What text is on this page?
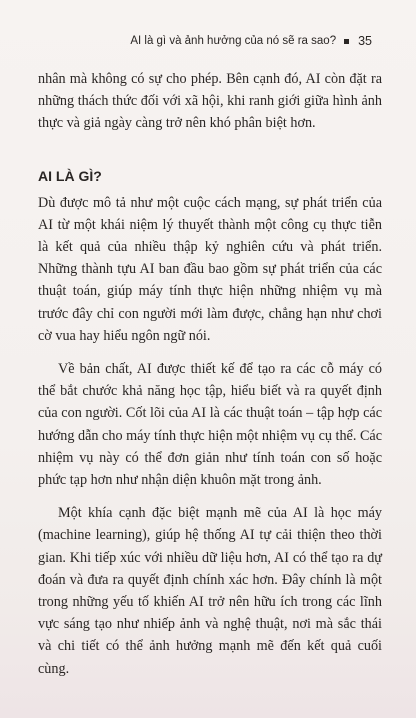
AI là gì và ảnh hưởng của nó sẽ ra sao? 35

nhân mà không có sự cho phép. Bên cạnh đó, AI còn đặt ra những thách thức đối với xã hội, khi ranh giới giữa hình ảnh thực và giả ngày càng trở nên khó phân biệt hơn.

AI LÀ GÌ?

Dù được mô tả như một cuộc cách mạng, sự phát triển của AI từ một khái niệm lý thuyết thành một công cụ thực tiễn là kết quả của nhiều thập kỷ nghiên cứu và phát triển. Những thành tựu AI ban đầu bao gồm sự phát triển của các thuật toán, giúp máy tính thực hiện những nhiệm vụ mà trước đây chỉ con người mới làm được, chẳng hạn như chơi cờ vua hay hiểu ngôn ngữ nói.

Về bản chất, AI được thiết kế để tạo ra các cỗ máy có thể bắt chước khả năng học tập, hiểu biết và ra quyết định của con người. Cốt lõi của AI là các thuật toán – tập hợp các hướng dẫn cho máy tính thực hiện một nhiệm vụ cụ thể. Các nhiệm vụ này có thể đơn giản như tính toán con số hoặc phức tạp hơn như nhận diện khuôn mặt trong ảnh.

Một khía cạnh đặc biệt mạnh mẽ của AI là học máy (machine learning), giúp hệ thống AI tự cải thiện theo thời gian. Khi tiếp xúc với nhiều dữ liệu hơn, AI có thể tạo ra dự đoán và đưa ra quyết định chính xác hơn. Đây chính là một trong những yếu tố khiến AI trở nên hữu ích trong các lĩnh vực sáng tạo như nhiếp ảnh và nghệ thuật, nơi mà sắc thái và chi tiết có thể ảnh hưởng mạnh mẽ đến kết quả cuối cùng.
